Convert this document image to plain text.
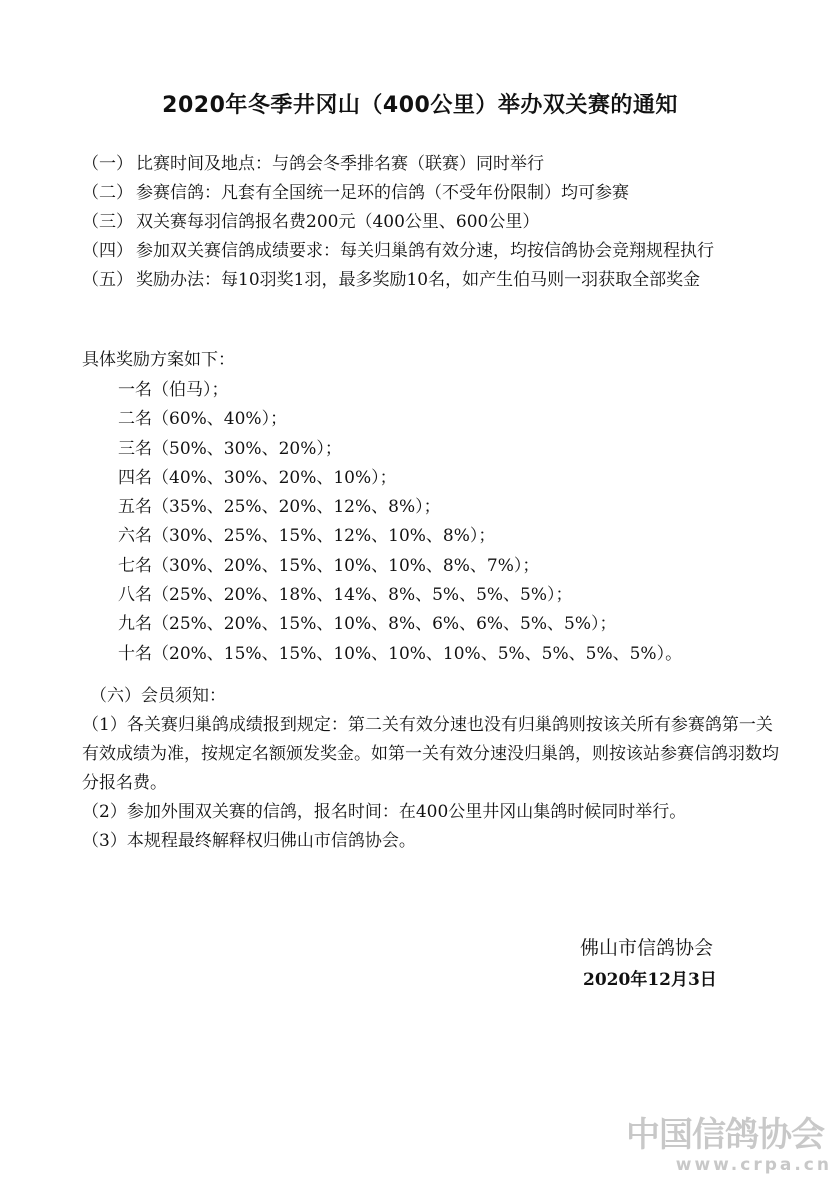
2020年冬季井冈山（400公里）举办双关赛的通知

（一） 比赛时间及地点：与鸽会冬季排名赛（联赛）同时举行

（二） 参赛信鸽：凡套有全国统一足环的信鸽（不受年份限制）均可参赛

（三） 双关赛每羽信鸽报名费200元（400公里、600公里）

（四） 参加双关赛信鸽成绩要求：每关归巢鸽有效分速，均按信鸽协会竞翔规程执行

（五） 奖励办法：每10羽奖1羽，最多奖励10名，如产生伯马则一羽获取全部奖金

具体奖励方案如下：
一名（伯马）；
二名（60%、40%）；
三名（50%、30%、20%）；
四名（40%、30%、20%、10%）；
五名（35%、25%、20%、12%、8%）；
六名（30%、25%、15%、12%、10%、8%）；
七名（30%、20%、15%、10%、10%、8%、7%）；
八名（25%、20%、18%、14%、8%、5%、5%、5%）；
九名（25%、20%、15%、10%、8%、6%、6%、5%、5%）；
十名（20%、15%、15%、10%、10%、10%、5%、5%、5%、5%）。
（六）会员须知：

（1）各关赛归巢鸽成绩报到规定：第二关有效分速也没有归巢鸽则按该关所有参赛鸽第一关有效成绩为准，按规定名额颁发奖金。如第一关有效分速没归巢鸽，则按该站参赛信鸽羽数均分报名费。

（2）参加外围双关赛的信鸽，报名时间：在400公里井冈山集鸽时候同时举行。

（3）本规程最终解释权归佛山市信鸽协会。

佛山市信鸽协会
2020年12月3日
中国信鸽协会
www.crpa.cn
